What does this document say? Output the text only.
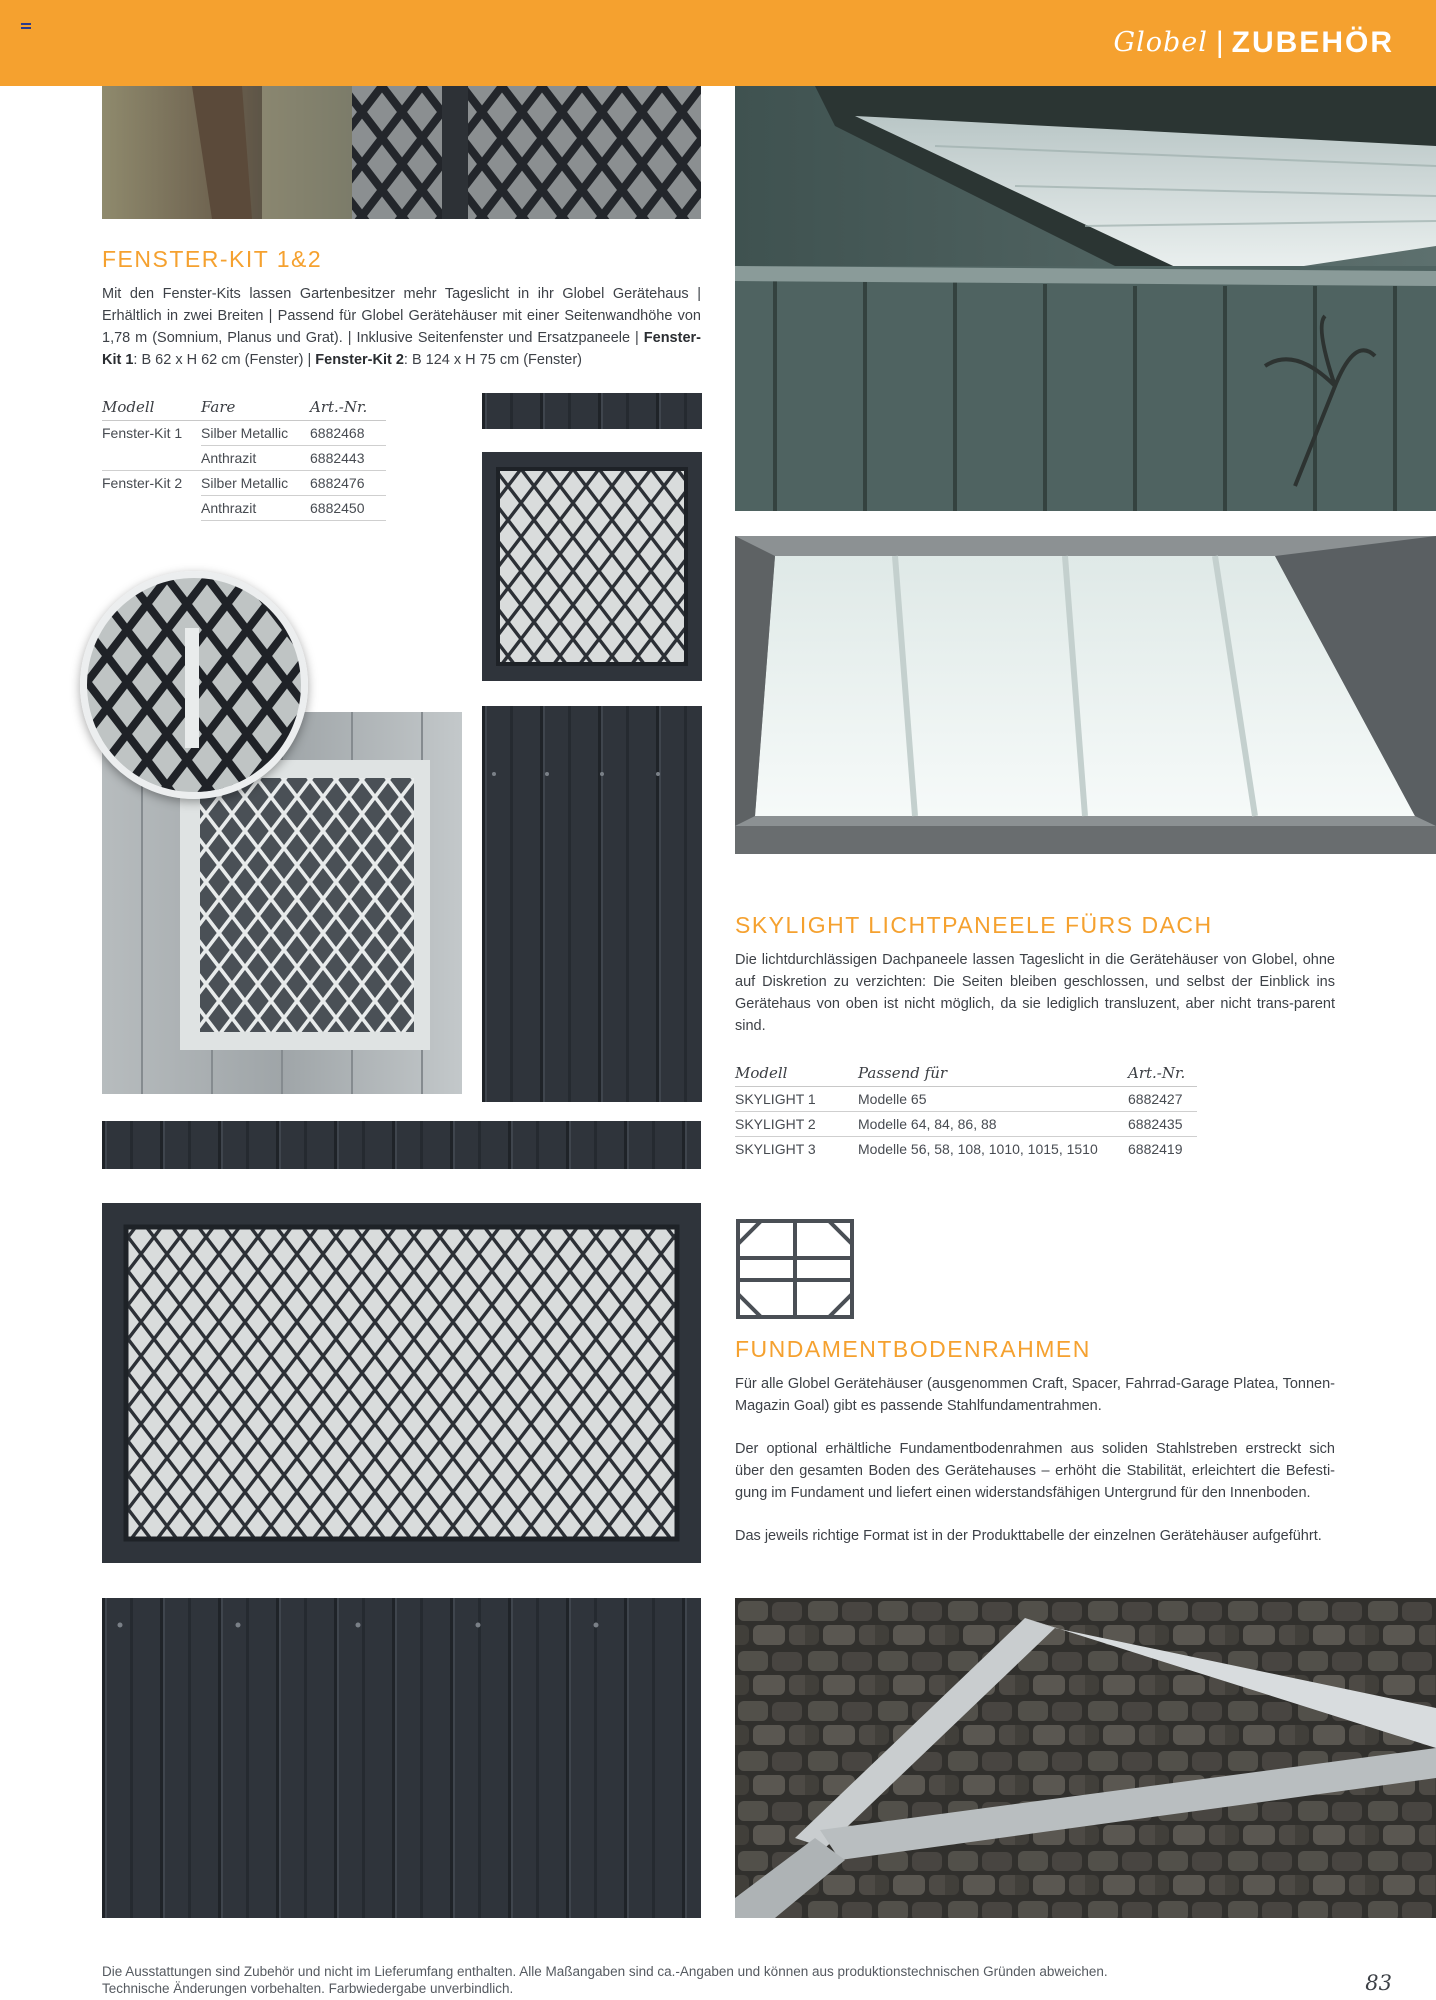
Globel | ZUBEHÖR
FENSTER-KIT 1&2
Mit den Fenster-Kits lassen Gartenbesitzer mehr Tageslicht in ihr Globel Gerätehaus | Erhältlich in zwei Breiten | Passend für Globel Gerätehäuser mit einer Seitenwandhöhe von 1,78 m (Somnium, Planus und Grat). | Inklusive Seitenfenster und Ersatzpaneele | Fenster-Kit 1: B 62 x H 62 cm (Fenster) | Fenster-Kit 2: B 124 x H 75 cm (Fenster)
Modell	Fare	Art.-Nr.
Fenster-Kit 1	Silber Metallic	6882468
	Anthrazit	6882443
Fenster-Kit 2	Silber Metallic	6882476
	Anthrazit	6882450
SKYLIGHT LICHTPANEELE FÜRS DACH
Die lichtdurchlässigen Dachpaneele lassen Tageslicht in die Gerätehäuser von Globel, ohne auf Diskretion zu verzichten: Die Seiten bleiben geschlossen, und selbst der Einblick ins Gerätehaus von oben ist nicht möglich, da sie lediglich transluzent, aber nicht trans-parent sind.
Modell	Passend für	Art.-Nr.
SKYLIGHT 1	Modelle 65	6882427
SKYLIGHT 2	Modelle 64, 84, 86, 88	6882435
SKYLIGHT 3	Modelle 56, 58, 108, 1010, 1015, 1510	6882419
FUNDAMENTBODENRAHMEN
Für alle Globel Gerätehäuser (ausgenommen Craft, Spacer, Fahrrad-Garage Platea, Tonnen-Magazin Goal) gibt es passende Stahlfundamentrahmen.
Der optional erhältliche Fundamentbodenrahmen aus soliden Stahlstreben erstreckt sich über den gesamten Boden des Gerätehauses – erhöht die Stabilität, erleichtert die Befesti-gung im Fundament und liefert einen widerstandsfähigen Untergrund für den Innenboden.
Das jeweils richtige Format ist in der Produkttabelle der einzelnen Gerätehäuser aufgeführt.
Die Ausstattungen sind Zubehör und nicht im Lieferumfang enthalten. Alle Maßangaben sind ca.-Angaben und können aus produktionstechnischen Gründen abweichen.
Technische Änderungen vorbehalten. Farbwiedergabe unverbindlich.	83
